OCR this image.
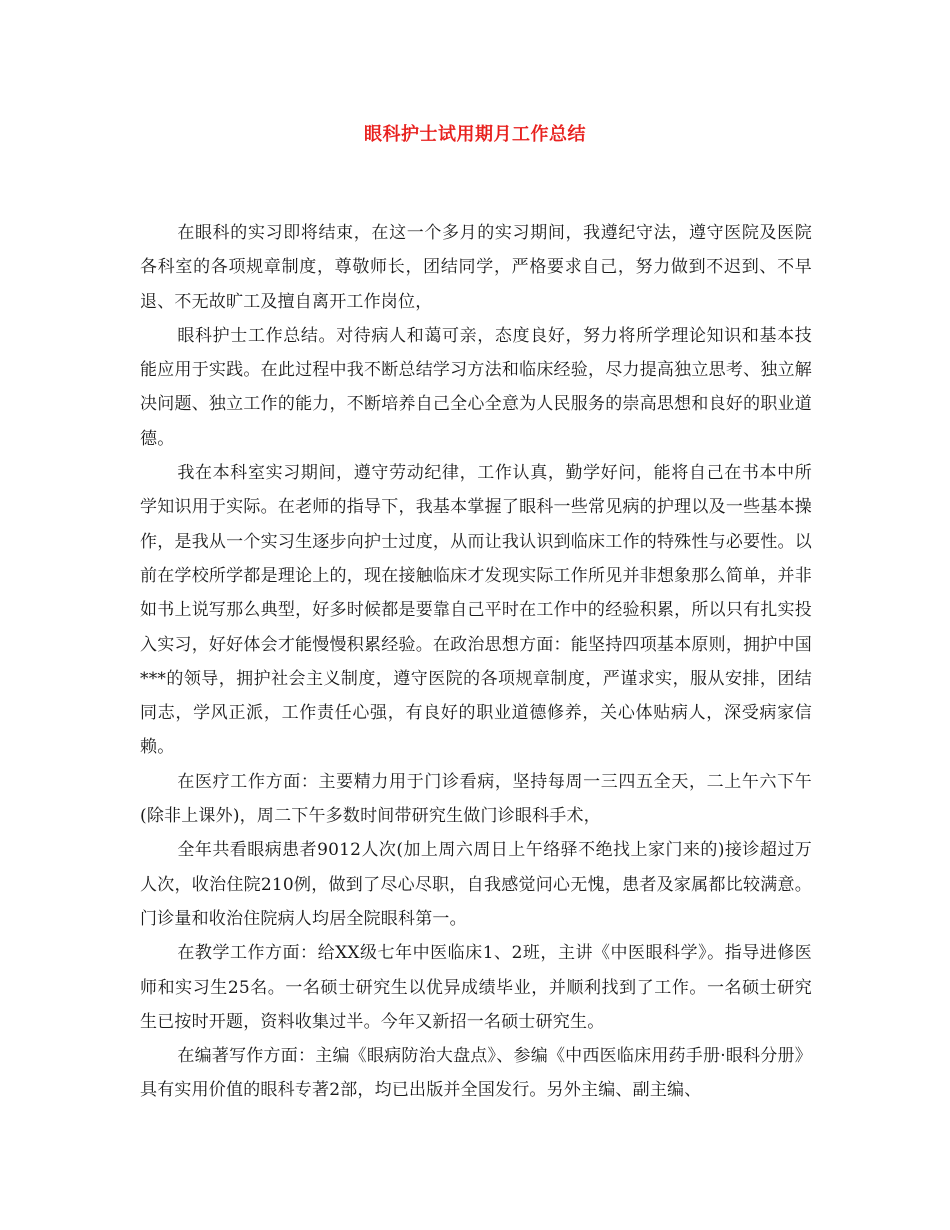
眼科护士试用期月工作总结

在眼科的实习即将结束，在这一个多月的实习期间，我遵纪守法，遵守医院及医院各科室的各项规章制度，尊敬师长，团结同学，严格要求自己，努力做到不迟到、不早退、不无故旷工及擅自离开工作岗位，

眼科护士工作总结。对待病人和蔼可亲，态度良好，努力将所学理论知识和基本技能应用于实践。在此过程中我不断总结学习方法和临床经验，尽力提高独立思考、独立解决问题、独立工作的能力，不断培养自己全心全意为人民服务的崇高思想和良好的职业道德。

我在本科室实习期间，遵守劳动纪律，工作认真，勤学好问，能将自己在书本中所学知识用于实际。在老师的指导下，我基本掌握了眼科一些常见病的护理以及一些基本操作，是我从一个实习生逐步向护士过度，从而让我认识到临床工作的特殊性与必要性。以前在学校所学都是理论上的，现在接触临床才发现实际工作所见并非想象那么简单，并非如书上说写那么典型，好多时候都是要靠自己平时在工作中的经验积累，所以只有扎实投入实习，好好体会才能慢慢积累经验。在政治思想方面：能坚持四项基本原则，拥护中国***的领导，拥护社会主义制度，遵守医院的各项规章制度，严谨求实，服从安排，团结同志，学风正派，工作责任心强，有良好的职业道德修养，关心体贴病人，深受病家信赖。

在医疗工作方面：主要精力用于门诊看病，坚持每周一三四五全天，二上午六下午(除非上课外)，周二下午多数时间带研究生做门诊眼科手术，

全年共看眼病患者9012人次(加上周六周日上午络驿不绝找上家门来的)接诊超过万人次，收治住院210例，做到了尽心尽职，自我感觉问心无愧，患者及家属都比较满意。门诊量和收治住院病人均居全院眼科第一。

在教学工作方面：给XX级七年中医临床1、2班，主讲《中医眼科学》。指导进修医师和实习生25名。一名硕士研究生以优异成绩毕业，并顺利找到了工作。一名硕士研究生已按时开题，资料收集过半。今年又新招一名硕士研究生。

在编著写作方面：主编《眼病防治大盘点》、参编《中西医临床用药手册·眼科分册》具有实用价值的眼科专著2部，均已出版并全国发行。另外主编、副主编、
